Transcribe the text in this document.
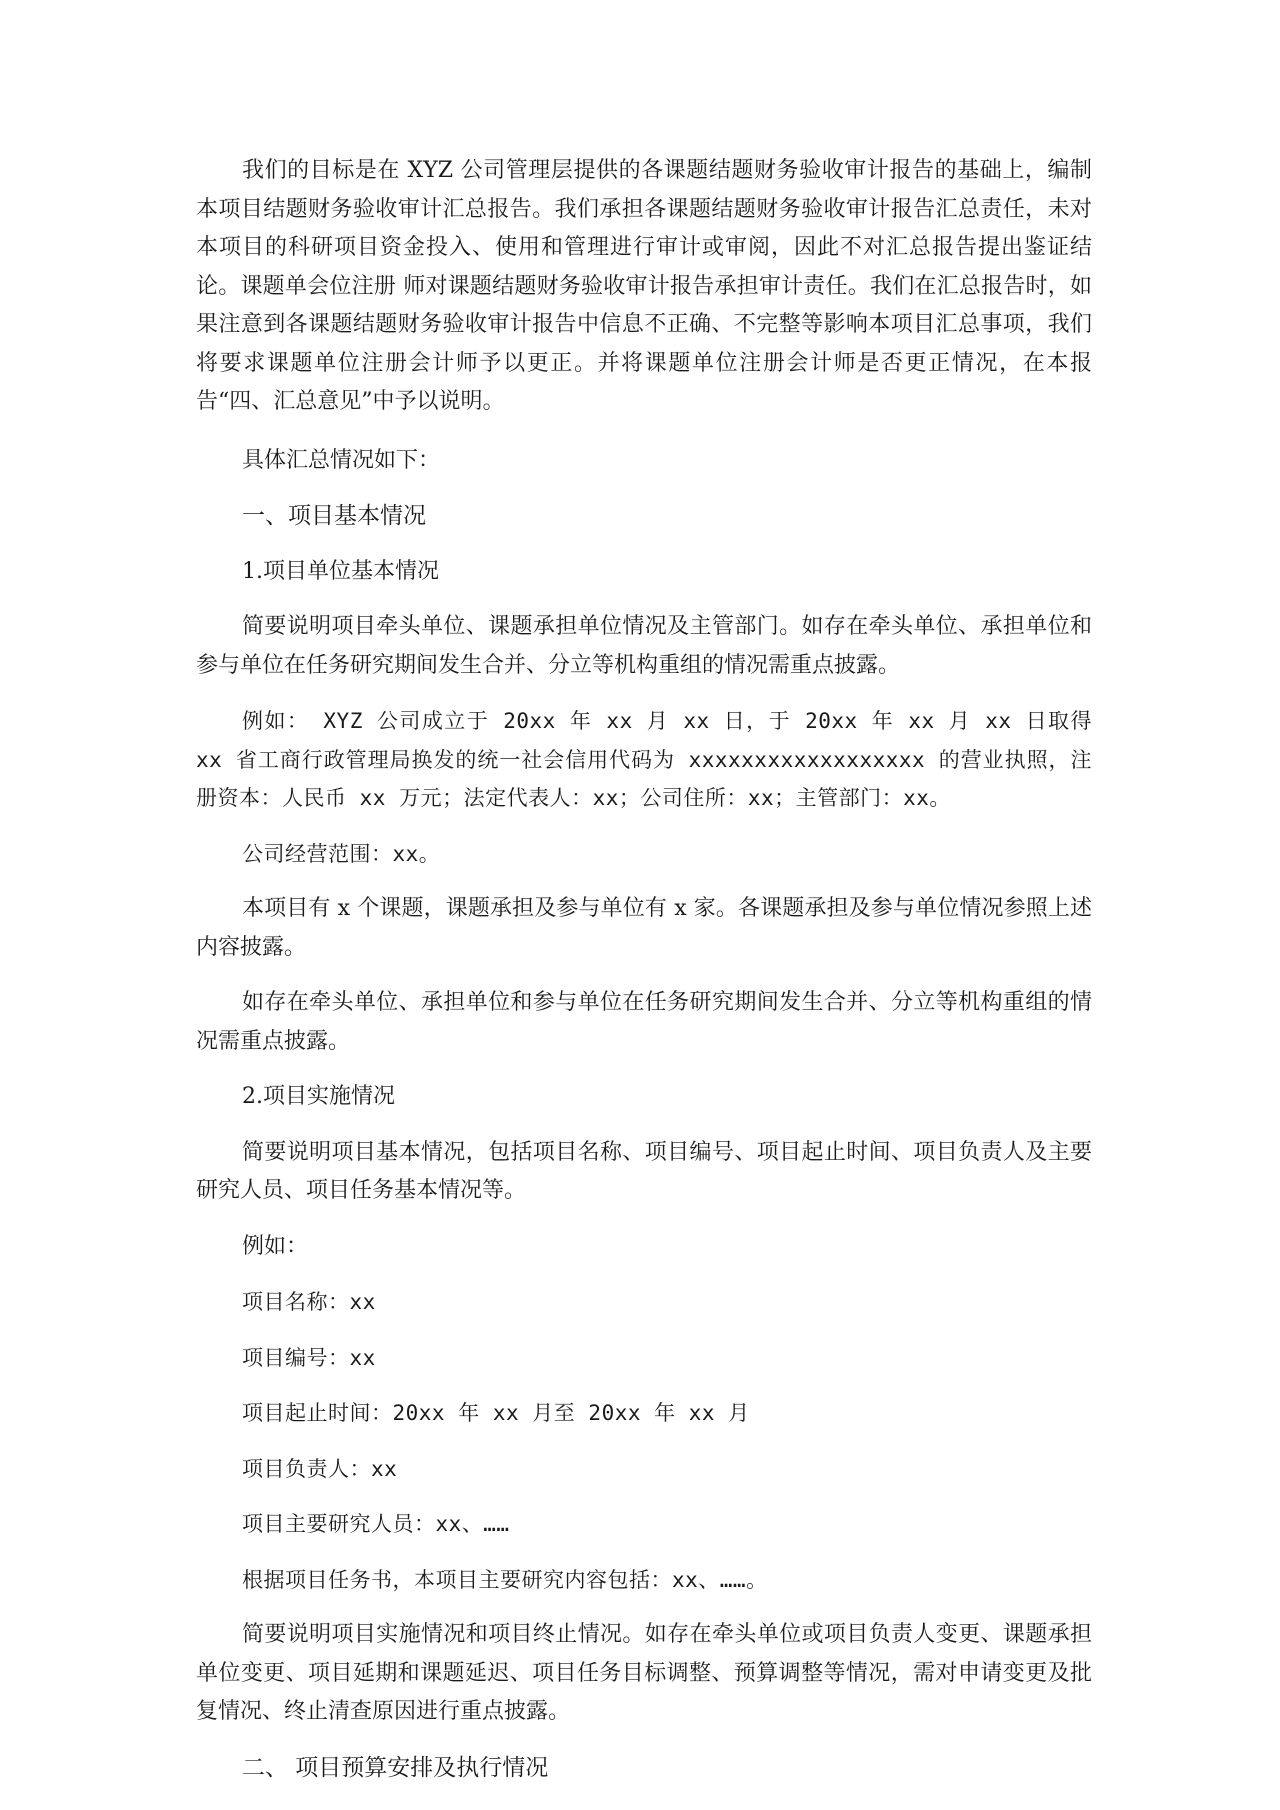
我们的目标是在 XYZ 公司管理层提供的各课题结题财务验收审计报告的基础上，编制本项目结题财务验收审计汇总报告。我们承担各课题结题财务验收审计报告汇总责任，未对本项目的科研项目资金投入、使用和管理进行审计或审阅，因此不对汇总报告提出鉴证结论。课题单会位注册 师对课题结题财务验收审计报告承担审计责任。我们在汇总报告时，如果注意到各课题结题财务验收审计报告中信息不正确、不完整等影响本项目汇总事项，我们将要求课题单位注册会计师予以更正。并将课题单位注册会计师是否更正情况，在本报告“四、汇总意见”中予以说明。

具体汇总情况如下：

一、项目基本情况

1.项目单位基本情况

简要说明项目牵头单位、课题承担单位情况及主管部门。如存在牵头单位、承担单位和参与单位在任务研究期间发生合并、分立等机构重组的情况需重点披露。

例如： XYZ 公司成立于 20xx 年 xx 月 xx 日，于 20xx 年 xx 月 xx 日取得 xx 省工商行政管理局换发的统一社会信用代码为 xxxxxxxxxxxxxxxxxx 的营业执照，注册资本：人民币 xx 万元；法定代表人：xx；公司住所：xx；主管部门：xx。

公司经营范围：xx。

本项目有 x 个课题，课题承担及参与单位有 x 家。各课题承担及参与单位情况参照上述内容披露。

如存在牵头单位、承担单位和参与单位在任务研究期间发生合并、分立等机构重组的情况需重点披露。

2.项目实施情况

简要说明项目基本情况，包括项目名称、项目编号、项目起止时间、项目负责人及主要研究人员、项目任务基本情况等。

例如：

项目名称：xx

项目编号：xx

项目起止时间：20xx 年 xx 月至 20xx 年 xx 月

项目负责人：xx

项目主要研究人员：xx、……

根据项目任务书，本项目主要研究内容包括：xx、……。

简要说明项目实施情况和项目终止情况。如存在牵头单位或项目负责人变更、课题承担单位变更、项目延期和课题延迟、项目任务目标调整、预算调整等情况，需对申请变更及批复情况、终止清查原因进行重点披露。

二、 项目预算安排及执行情况
